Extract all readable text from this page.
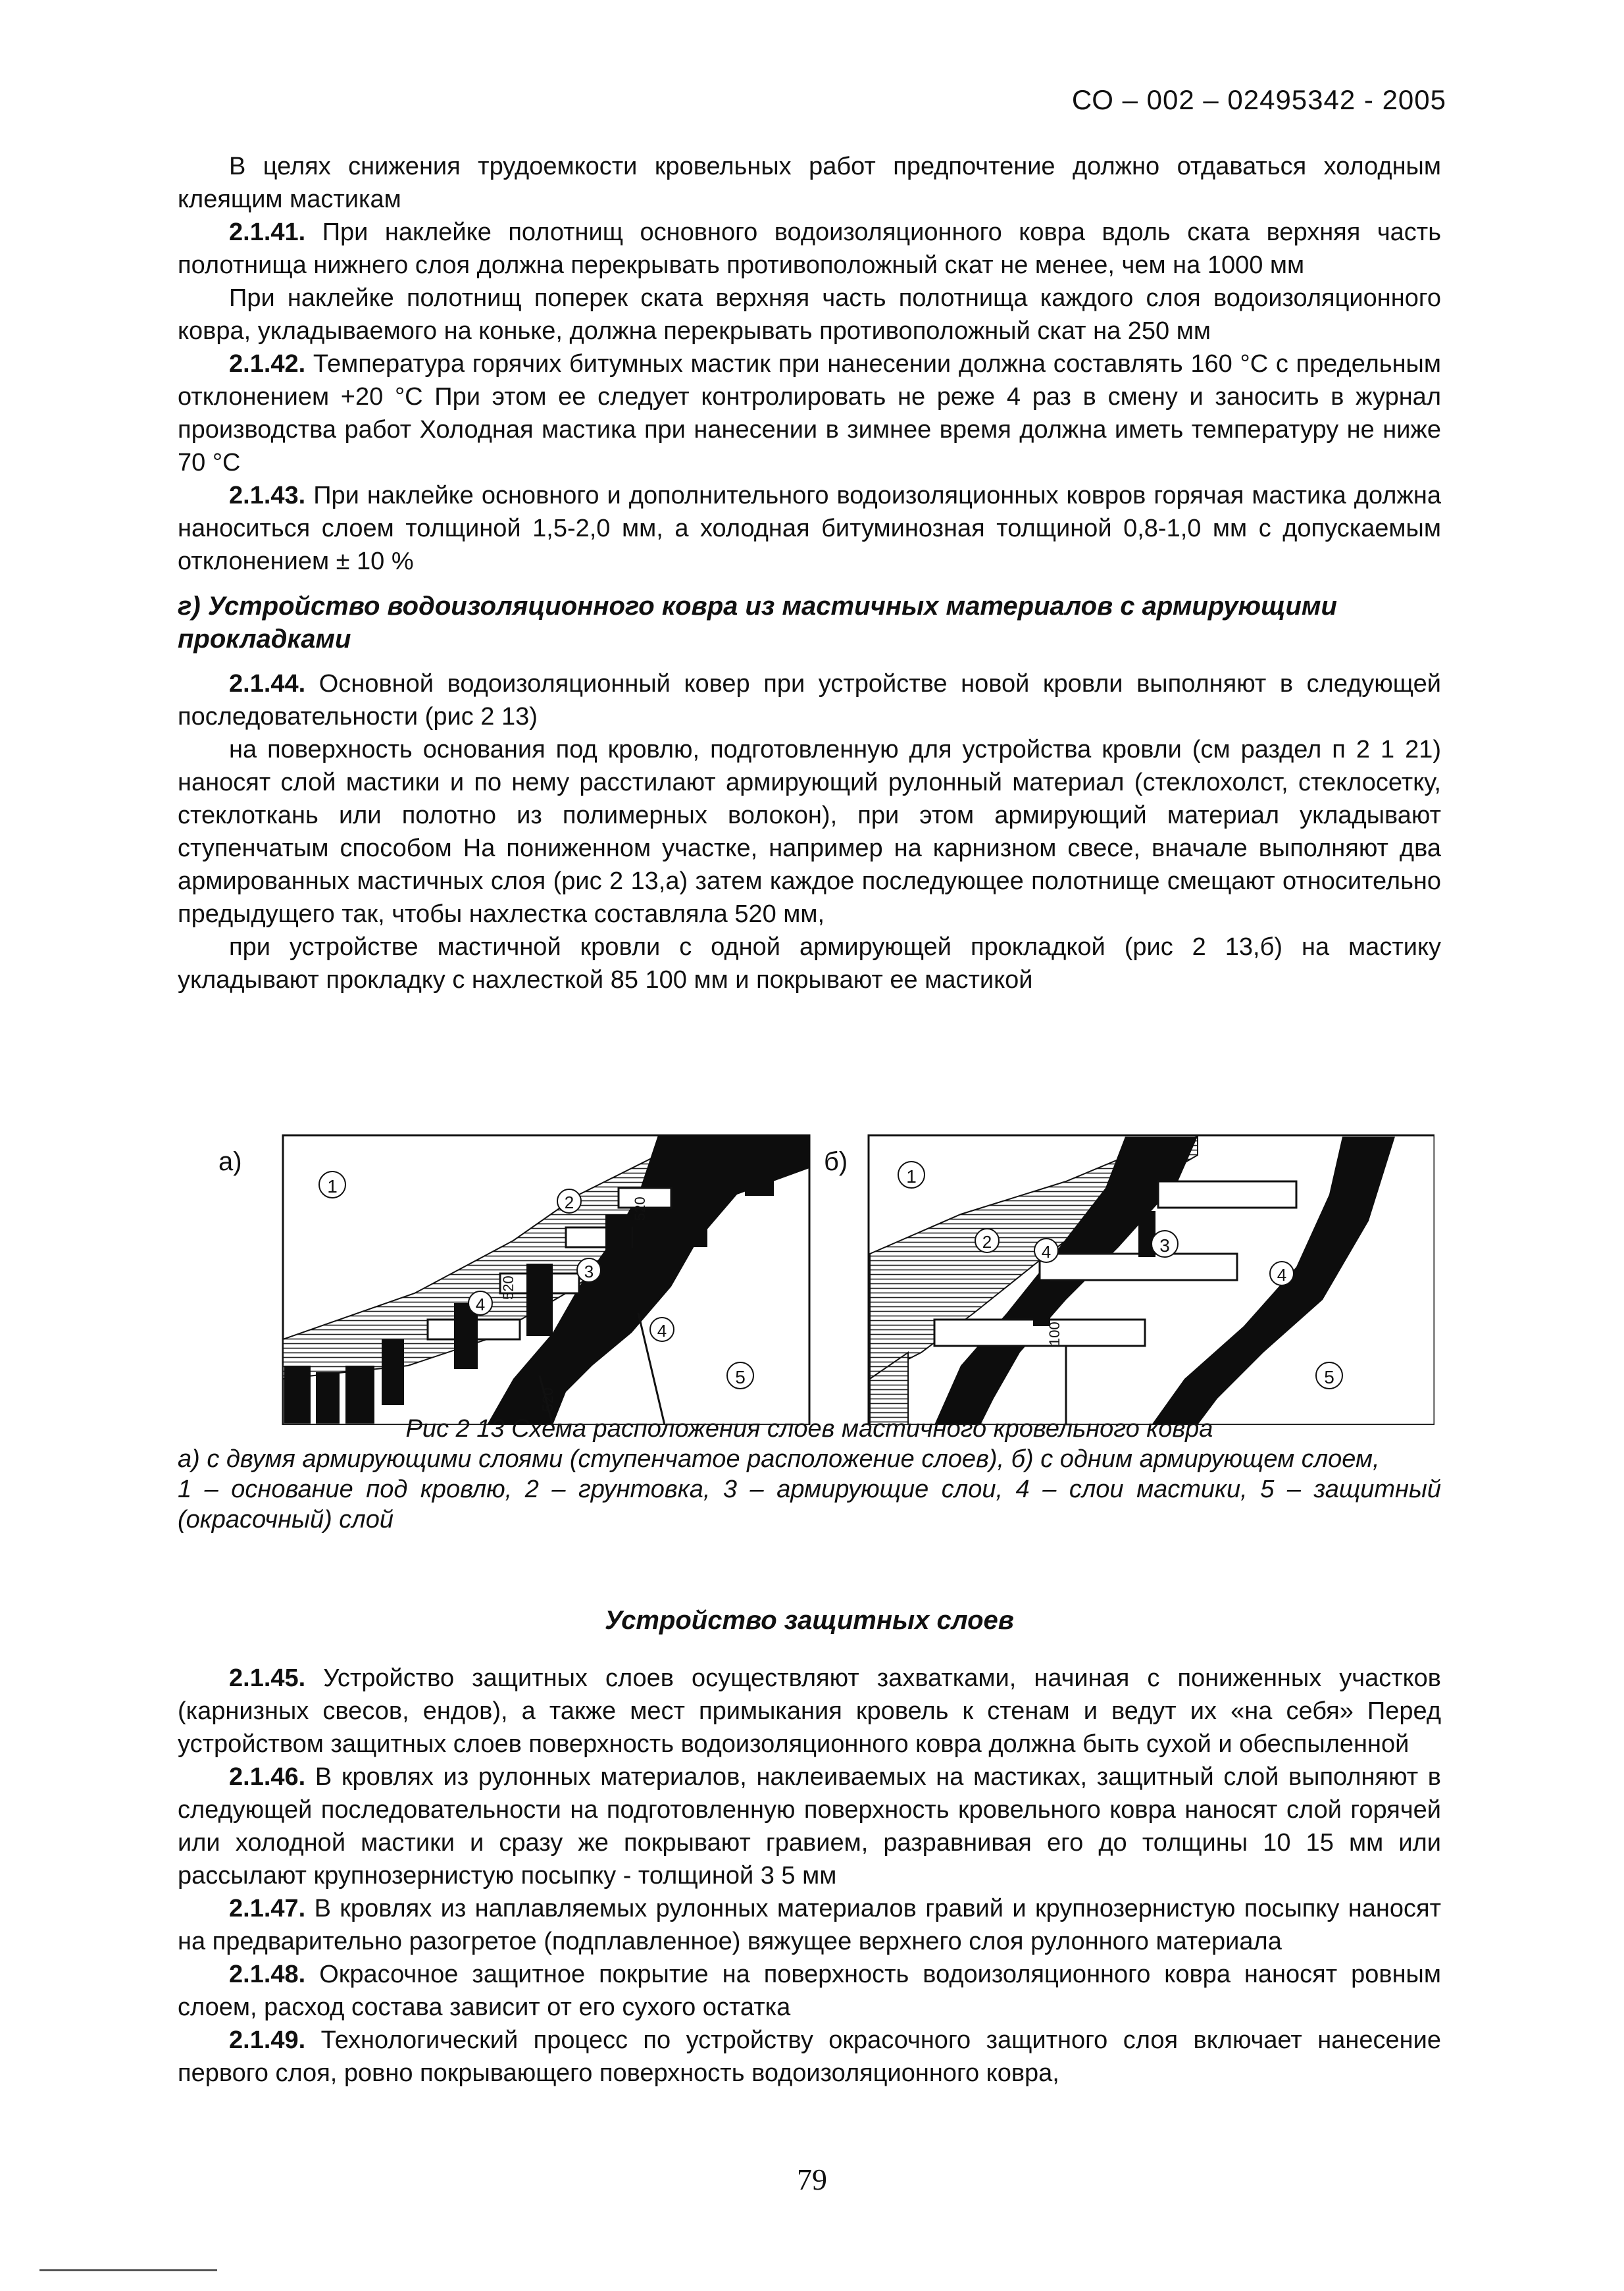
СО – 002 – 02495342 - 2005

В целях снижения трудоемкости кровельных работ предпочтение должно отдаваться холодным клеящим мастикам

2.1.41. При наклейке полотнищ основного водоизоляционного ковра вдоль ската верхняя часть полотнища нижнего слоя должна перекрывать противоположный скат не менее, чем на 1000 мм

При наклейке полотнищ поперек ската верхняя часть полотнища каждого слоя водоизоляционного ковра, укладываемого на коньке, должна перекрывать противоположный скат на 250 мм

2.1.42. Температура горячих битумных мастик при нанесении должна составлять 160 °С с предельным отклонением +20 °С При этом ее следует контролировать не реже 4 раз в смену и заносить в журнал производства работ Холодная мастика при нанесении в зимнее время должна иметь температуру не ниже 70 °С

2.1.43. При наклейке основного и дополнительного водоизоляционных ковров горячая мастика должна наноситься слоем толщиной 1,5-2,0 мм, а холодная битуминозная толщиной 0,8-1,0 мм с допускаемым отклонением ± 10 %

г) Устройство водоизоляционного ковра из мастичных материалов с армирующими прокладками

2.1.44. Основной водоизоляционный ковер при устройстве новой кровли выполняют в следующей последовательности (рис 2 13)

на поверхность основания под кровлю, подготовленную для устройства кровли (см раздел п 2 1 21) наносят слой мастики и по нему расстилают армирующий рулонный материал (стеклохолст, стеклосетку, стеклоткань или полотно из полимерных волокон), при этом армирующий материал укладывают ступенчатым способом На пониженном участке, например на карнизном свесе, вначале выполняют два армированных мастичных слоя (рис 2 13,а) затем каждое последующее полотнище смещают относительно предыдущего так, чтобы нахлестка составляла 520 мм,

при устройстве мастичной кровли с одной армирующей прокладкой (рис 2 13,б) на мастику укладывают прокладку с нахлесткой 85 100 мм и покрывают ее мастикой

а)	б)
1
2
3
4
4
5
520
520
520
1
2	4	3
4
5
100

Рис 2 13 Схема расположения слоев мастичного кровельного ковра

а) с двумя армирующими слоями (ступенчатое расположение слоев), б) с одним армирующем слоем,

1 – основание под кровлю, 2 – грунтовка, 3 – армирующие слои, 4 – слои мастики, 5 – защитный (окрасочный) слой

Устройство защитных слоев

2.1.45. Устройство защитных слоев осуществляют захватками, начиная с пониженных участков (карнизных свесов, ендов), а также мест примыкания кровель к стенам и ведут их «на себя» Перед устройством защитных слоев поверхность водоизоляционного ковра должна быть сухой и обеспыленной

2.1.46. В кровлях из рулонных материалов, наклеиваемых на мастиках, защитный слой выполняют в следующей последовательности на подготовленную поверхность кровельного ковра наносят слой горячей или холодной мастики и сразу же покрывают гравием, разравнивая его до толщины 10 15 мм или рассылают крупнозернистую посыпку - толщиной 3 5 мм

2.1.47. В кровлях из наплавляемых рулонных материалов гравий и крупнозернистую посыпку наносят на предварительно разогретое (подплавленное) вяжущее верхнего слоя рулонного материала

2.1.48. Окрасочное защитное покрытие на поверхность водоизоляционного ковра наносят ровным слоем, расход состава зависит от его сухого остатка

2.1.49. Технологический процесс по устройству окрасочного защитного слоя включает нанесение первого слоя, ровно покрывающего поверхность водоизоляционного ковра,

79
